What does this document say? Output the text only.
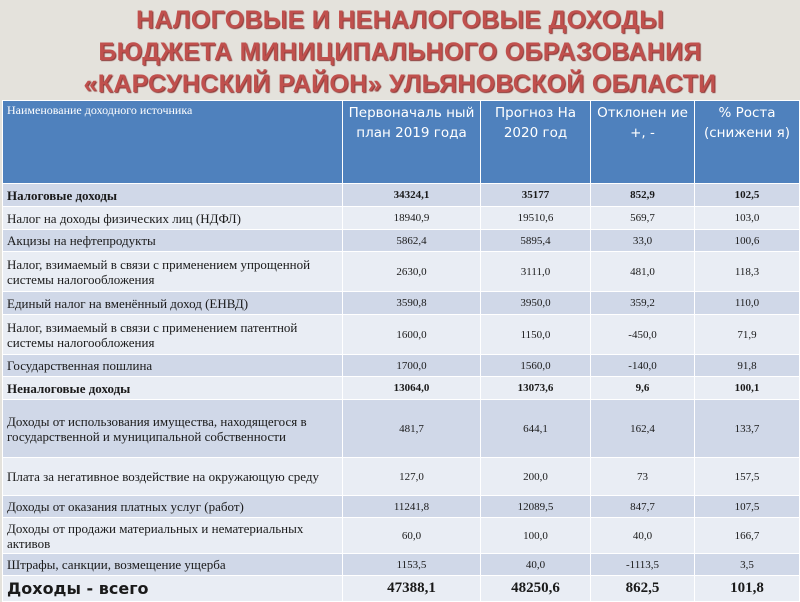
НАЛОГОВЫЕ И НЕНАЛОГОВЫЕ ДОХОДЫ
БЮДЖЕТА МИНИЦИПАЛЬНОГО ОБРАЗОВАНИЯ
«КАРСУНСКИЙ РАЙОН» УЛЬЯНОВСКОЙ ОБЛАСТИ
Наименование доходного источника	Первоначаль ный план 2019 года	Прогноз На 2020 год	Отклонен ие +, -	% Роста (снижени я)
Налоговые доходы	34324,1	35177	852,9	102,5
Налог на доходы физических лиц (НДФЛ)	18940,9	19510,6	569,7	103,0
Акцизы на нефтепродукты	5862,4	5895,4	33,0	100,6
Налог, взимаемый в связи с применением упрощенной системы налогообложения	2630,0	3111,0	481,0	118,3
Единый налог на вменённый доход (ЕНВД)	3590,8	3950,0	359,2	110,0
Налог, взимаемый в связи с применением патентной системы налогообложения	1600,0	1150,0	-450,0	71,9
Государственная пошлина	1700,0	1560,0	-140,0	91,8
Неналоговые доходы	13064,0	13073,6	9,6	100,1
Доходы от использования имущества, находящегося в государственной и муниципальной собственности	481,7	644,1	162,4	133,7
Плата за негативное воздействие на окружающую среду	127,0	200,0	73	157,5
Доходы от оказания платных услуг (работ)	11241,8	12089,5	847,7	107,5
Доходы от продажи материальных и нематериальных активов	60,0	100,0	40,0	166,7
Штрафы, санкции, возмещение ущерба	1153,5	40,0	-1113,5	3,5
Доходы - всего	47388,1	48250,6	862,5	101,8
